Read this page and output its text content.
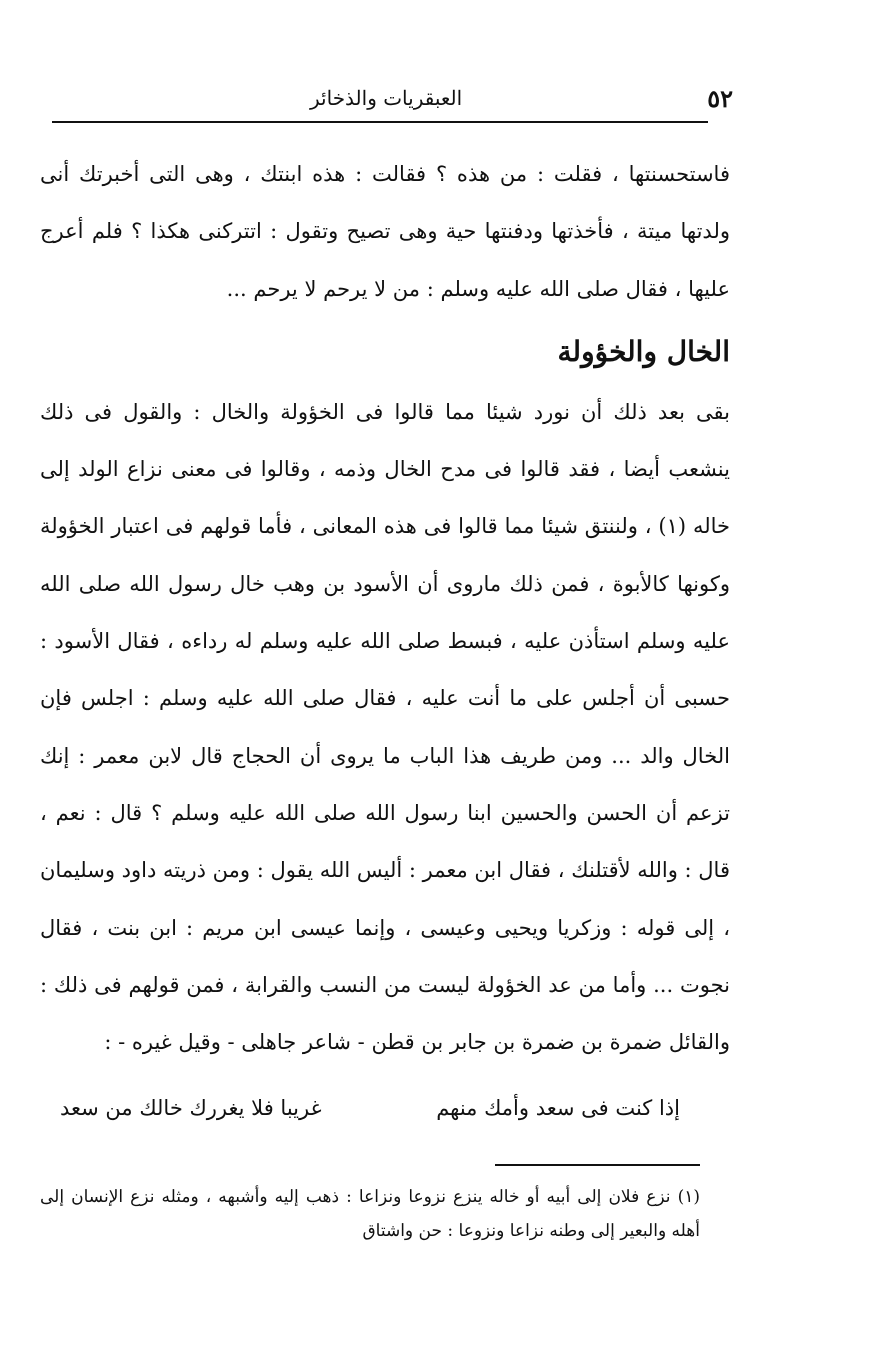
٥٢
العبقريات والذخائر

فاستحسنتها ، فقلت : من هذه ؟ فقالت : هذه ابنتك ، وهى التى أخبرتك أنى ولدتها ميتة ، فأخذتها ودفنتها حية وهى تصيح وتقول : اتتركنى هكذا ؟ فلم أعرج عليها ، فقال صلى الله عليه وسلم : من لا يرحم لا يرحم ...

الخال والخؤولة

بقى بعد ذلك أن نورد شيئا مما قالوا فى الخؤولة والخال : والقول فى ذلك ينشعب أيضا ، فقد قالوا فى مدح الخال وذمه ، وقالوا فى معنى نزاع الولد إلى خاله (١) ، ولننتق شيئا مما قالوا فى هذه المعانى ، فأما قولهم فى اعتبار الخؤولة وكونها كالأبوة ، فمن ذلك ماروى أن الأسود بن وهب خال رسول الله صلى الله عليه وسلم استأذن عليه ، فبسط صلى الله عليه وسلم له رداءه ، فقال الأسود : حسبى أن أجلس على ما أنت عليه ، فقال صلى الله عليه وسلم : اجلس فإن الخال والد ... ومن طريف هذا الباب ما يروى أن الحجاج قال لابن معمر : إنك تزعم أن الحسن والحسين ابنا رسول الله صلى الله عليه وسلم ؟ قال : نعم ، قال : والله لأقتلنك ، فقال ابن معمر : أليس الله يقول : ومن ذريته داود وسليمان ، إلى قوله : وزكريا ويحيى وعيسى ، وإنما عيسى ابن مريم : ابن بنت ، فقال نجوت ... وأما من عد الخؤولة ليست من النسب والقرابة ، فمن قولهم فى ذلك : والقائل ضمرة بن ضمرة بن جابر بن قطن - شاعر جاهلى - وقيل غيره - :

إذا كنت فى سعد وأمك منهم
غريبا فلا يغررك خالك من سعد

(١) نزع فلان إلى أبيه أو خاله ينزع نزوعا ونزاعا : ذهب إليه وأشبهه ، ومثله نزع الإنسان إلى أهله والبعير إلى وطنه نزاعا ونزوعا : حن واشتاق
